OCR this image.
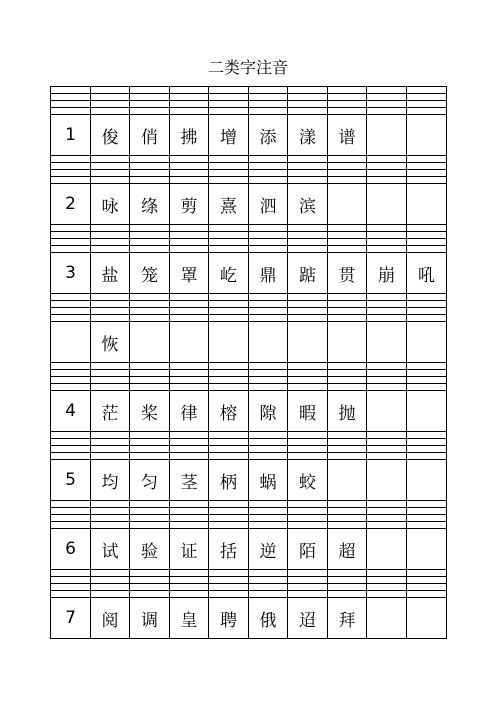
二类字注音

1	俊	俏	拂	增	添	漾	谱		

2	咏	绦	剪	熹	泗	滨			

3	盐	笼	罩	屹	鼎	踮	贯	崩	吼

	恢								

4	茫	桨	律	榕	隙	暇	抛		

5	均	匀	茎	柄	蜗	蛟			

6	试	验	证	括	逆	陌	超		

7	阅	调	皇	聘	俄	迢	拜		
